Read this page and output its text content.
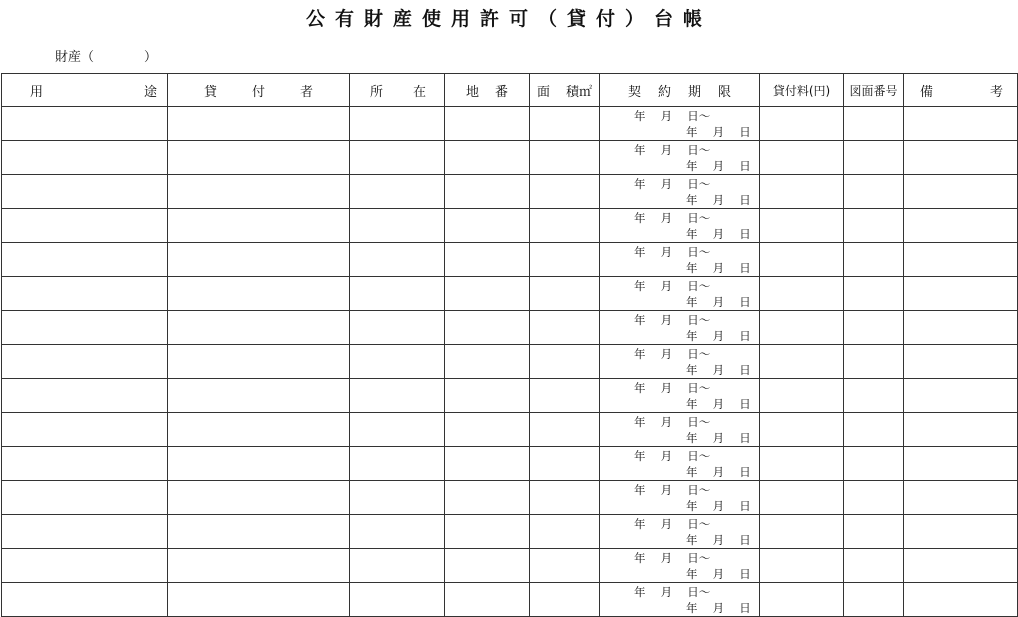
公有財産使用許可（貸付）台帳
財産（	）
用 途	貸 付 者	所 在	地 番	面 積㎡	契 約 期 限	貸付料(円)	図面番号	備 考

					年　 月　 日～
年　 月　 日			

					年　 月　 日～
年　 月　 日			

					年　 月　 日～
年　 月　 日			

					年　 月　 日～
年　 月　 日			

					年　 月　 日～
年　 月　 日			

					年　 月　 日～
年　 月　 日			

					年　 月　 日～
年　 月　 日			

					年　 月　 日～
年　 月　 日			

					年　 月　 日～
年　 月　 日			

					年　 月　 日～
年　 月　 日			

					年　 月　 日～
年　 月　 日			

					年　 月　 日～
年　 月　 日			

					年　 月　 日～
年　 月　 日			

					年　 月　 日～
年　 月　 日			

					年　 月　 日～
年　 月　 日			
